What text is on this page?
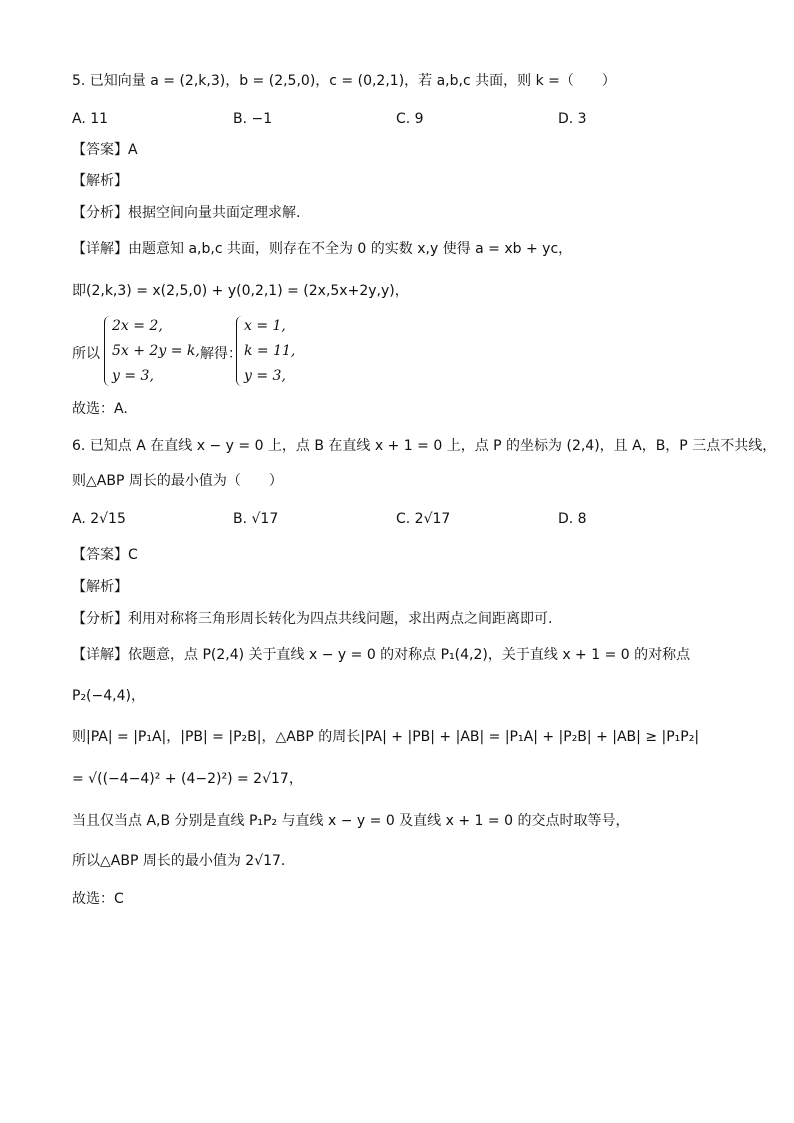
5. 已知向量 a = (2,k,3)，b = (2,5,0)，c = (0,2,1)，若 a,b,c 共面，则 k =（　　）
A. 11	B. −1	C. 9	D. 3
【答案】A
【解析】
【分析】根据空间向量共面定理求解.
【详解】由题意知 a,b,c 共面，则存在不全为 0 的实数 x,y 使得 a = xb + yc，
即(2,k,3) = x(2,5,0) + y(0,2,1) = (2x,5x+2y,y)，
所以
2x = 2,
5x + 2y = k,
y = 3,
解得：
x = 1,
k = 11,
y = 3,
故选：A.
6. 已知点 A 在直线 x − y = 0 上，点 B 在直线 x + 1 = 0 上，点 P 的坐标为 (2,4)，且 A，B，P 三点不共线，
则△ABP 周长的最小值为（　　）
A. 2√15	B. √17	C. 2√17	D. 8
【答案】C
【解析】
【分析】利用对称将三角形周长转化为四点共线问题，求出两点之间距离即可.
【详解】依题意，点 P(2,4) 关于直线 x − y = 0 的对称点 P₁(4,2)，关于直线 x + 1 = 0 的对称点
P₂(−4,4)，
则|PA| = |P₁A|，|PB| = |P₂B|，△ABP 的周长|PA| + |PB| + |AB| = |P₁A| + |P₂B| + |AB| ≥ |P₁P₂|
= √((−4−4)² + (4−2)²) = 2√17，
当且仅当点 A,B 分别是直线 P₁P₂ 与直线 x − y = 0 及直线 x + 1 = 0 的交点时取等号，
所以△ABP 周长的最小值为 2√17.
故选：C
